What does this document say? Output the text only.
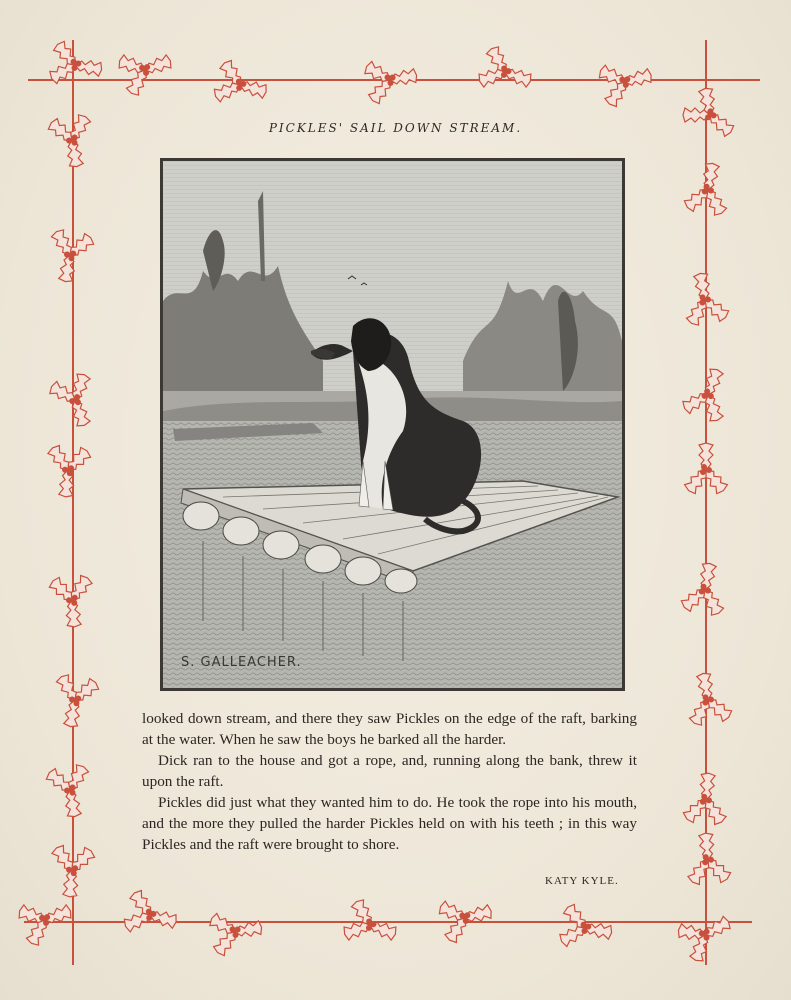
PICKLES' SAIL DOWN STREAM.
S. GALLEACHER.

looked down stream, and there they saw Pickles on the edge of the raft, barking at the water. When he saw the boys he barked all the harder.

Dick ran to the house and got a rope, and, running along the bank, threw it upon the raft.

Pickles did just what they wanted him to do. He took the rope into his mouth, and the more they pulled the harder Pickles held on with his teeth ; in this way Pickles and the raft were brought to shore.

KATY KYLE.
